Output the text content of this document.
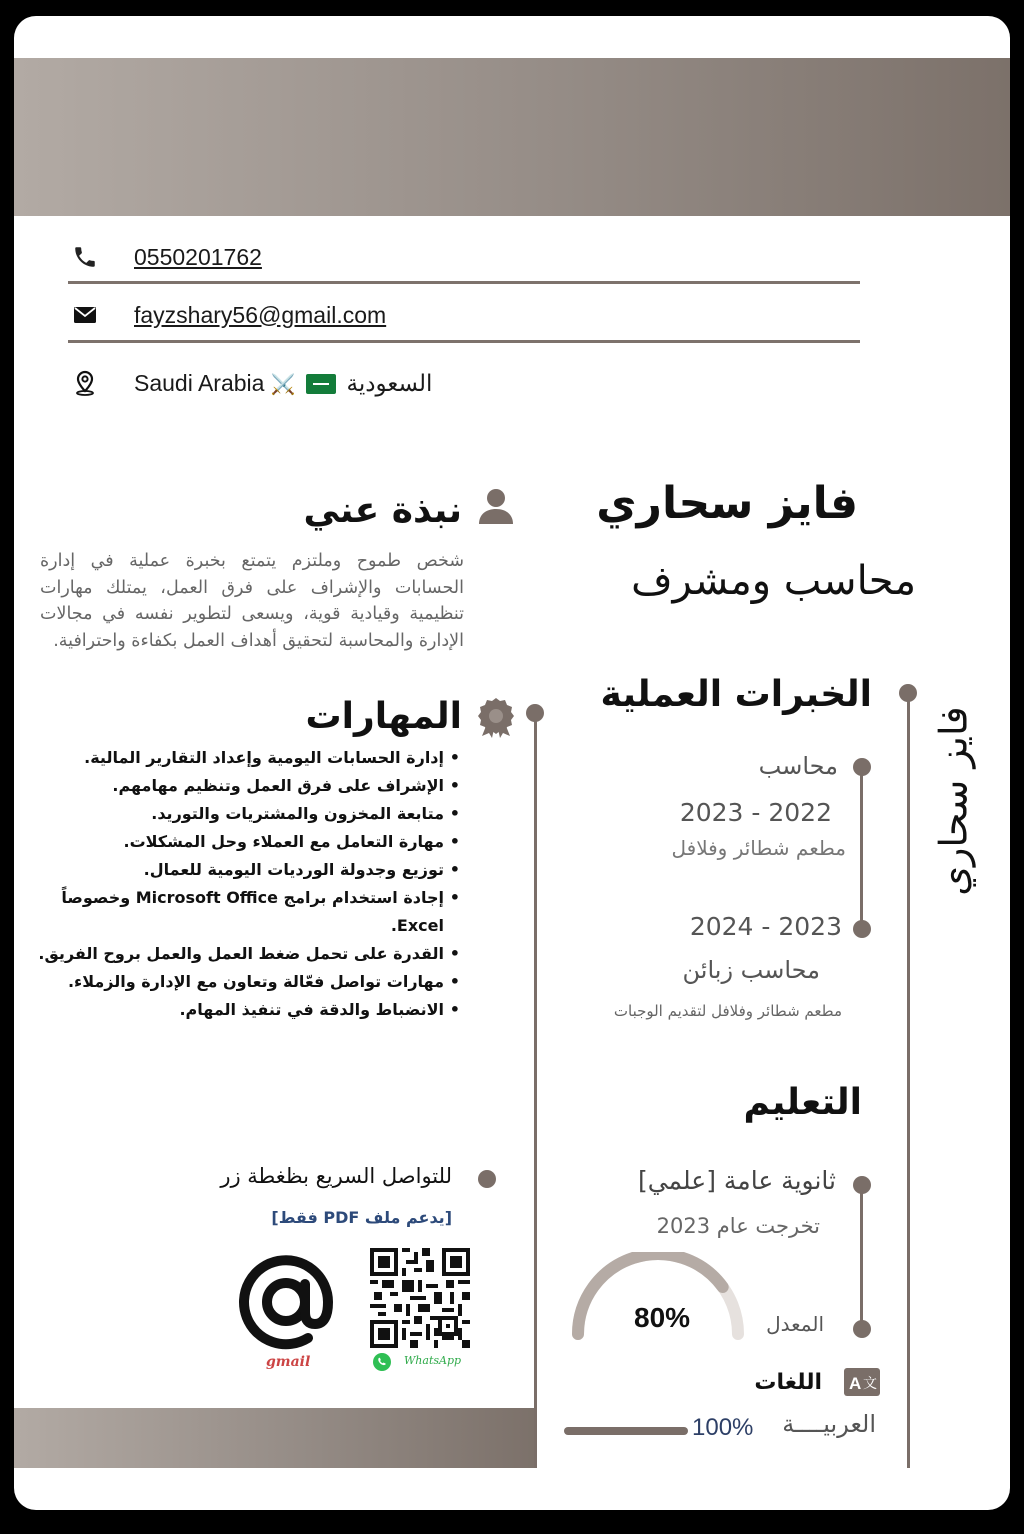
0550201762
fayzshary56@gmail.com
Saudi Arabia ⚔️ السعودية
فايز سحاري
محاسب ومشرف
فايز سحاري
نبذة عني
شخص طموح وملتزم يتمتع بخبرة عملية في إدارة الحسابات والإشراف على فرق العمل، يمتلك مهارات تنظيمية وقيادية قوية، ويسعى لتطوير نفسه في مجالات الإدارة والمحاسبة لتحقيق أهداف العمل بكفاءة واحترافية.
المهارات
• إدارة الحسابات اليومية وإعداد التقارير المالية.
• الإشراف على فرق العمل وتنظيم مهامهم.
• متابعة المخزون والمشتريات والتوريد.
• مهارة التعامل مع العملاء وحل المشكلات.
• توزيع وجدولة الورديات اليومية للعمال.
• إجادة استخدام برامج Microsoft Office وخصوصاً Excel.
• القدرة على تحمل ضغط العمل والعمل بروح الفريق.
• مهارات تواصل فعّالة وتعاون مع الإدارة والزملاء.
• الانضباط والدقة في تنفيذ المهام.
الخبرات العملية
محاسب
2022 - 2023
مطعم شطائر وفلافل
2023 - 2024
محاسب زبائن
مطعم شطائر وفلافل لتقديم الوجبات
التعليم
ثانوية عامة [علمي]
تخرجت عام 2023
المعدل
80%
A 文
اللغات
العربيــــة
100%
للتواصل السريع بظغطة زر
[يدعم ملف PDF فقط]
WhatsApp
gmail
